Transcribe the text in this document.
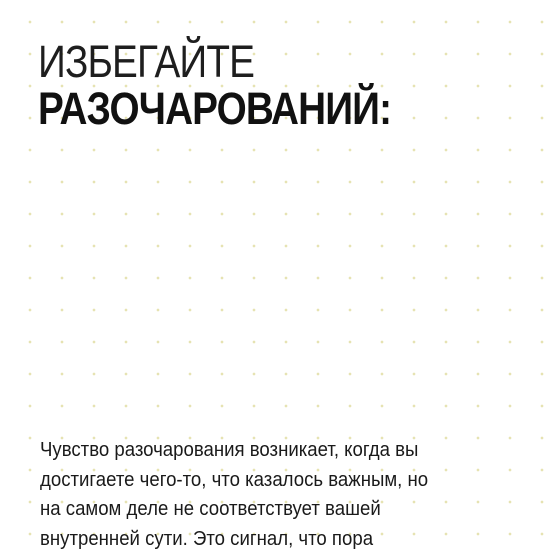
ИЗБЕГАЙТЕ
РАЗОЧАРОВАНИЙ:
Чувство разочарования возникает, когда вы
достигаете чего-то, что казалось важным, но
на самом деле не соответствует вашей
внутренней сути. Это сигнал, что пора
